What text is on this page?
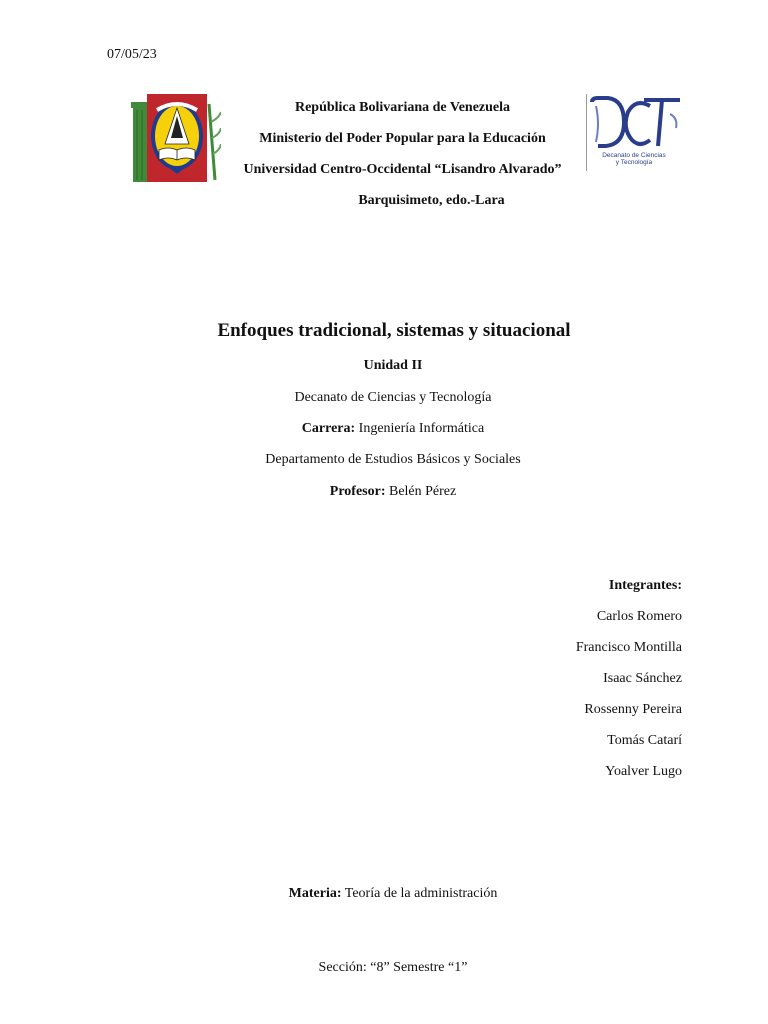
07/05/23
República Bolivariana de Venezuela
Ministerio del Poder Popular para la Educación
Universidad Centro-Occidental “Lisandro Alvarado”
Barquisimeto, edo.-Lara
Decanato de Ciencias
y Tecnología
Enfoques tradicional, sistemas y situacional
Unidad II
Decanato de Ciencias y Tecnología
Carrera: Ingeniería Informática
Departamento de Estudios Básicos y Sociales
Profesor: Belén Pérez
Integrantes:
Carlos Romero
Francisco Montilla
Isaac Sánchez
Rossenny Pereira
Tomás Catarí
Yoalver Lugo
Materia: Teoría de la administración
Sección: “8” Semestre “1”
